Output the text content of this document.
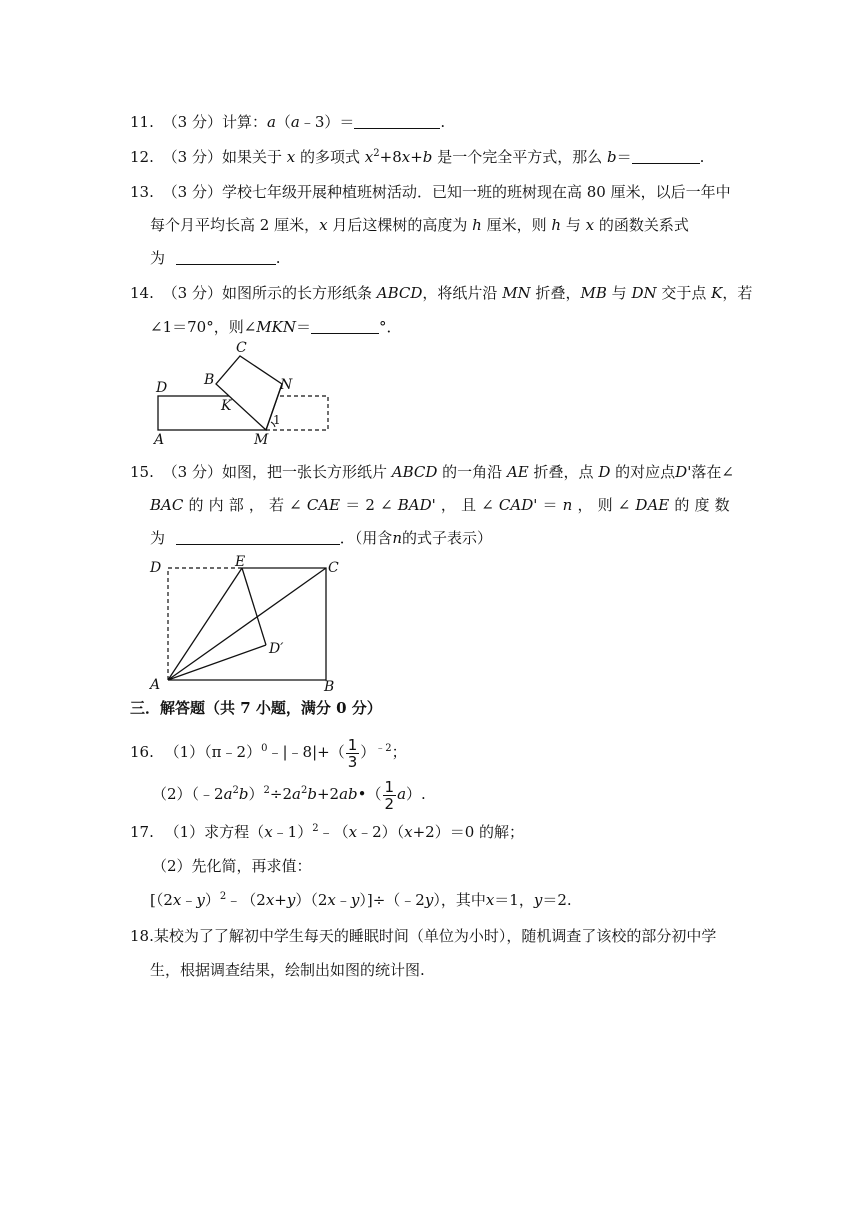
11. （3 分）计算：a（a﹣3）＝	.
12. （3 分）如果关于 x 的多项式 $x^2+8x+b$ 是一个完全平方式，那么 b＝	.
13. （3 分）学校七年级开展种植班树活动．已知一班的班树现在高 80 厘米，以后一年中
每个月平均长高 2 厘米，x 月后这棵树的高度为 h 厘米，则 h 与 x 的函数关系式
为	.
14. （3 分）如图所示的长方形纸条 ABCD，将纸片沿 MN 折叠，MB 与 DN 交于点 K，若
∠1＝70°，则∠MKN＝	°．
C
B
D	N
K
1
A	M
15. （3 分）如图，把一张长方形纸片 ABCD 的一角沿 AE 折叠，点 D 的对应点D'落在∠
BAC 的 内 部 ， 若 ∠ CAE ＝ 2 ∠ BAD' ， 且 ∠ CAD' ＝ n ， 则 ∠ DAE 的 度 数
为	．（用含n的式子表示）
D	E	C
D′
A	B
三．解答题（共 7 小题，满分 0 分）
16. （1）（π﹣2）$^0$﹣|﹣8|+（ $\frac{1}{3} )^{﹣2}$；
$(2)(﹣2a^2b)^2\div 2a^2b+2ab•( \frac{1}{2} a)$.
17. （1）求方程（x﹣1）$^2$﹣（x﹣2）（x+2）＝0 的解；
（2）先化简，再求值：
[（2x﹣y）$^2$﹣（2x+y）（2x﹣y）]÷（﹣2y），其中x＝1，y＝2.
18.某校为了了解初中学生每天的睡眠时间（单位为小时），随机调查了该校的部分初中学
生，根据调查结果，绘制出如图的统计图.
